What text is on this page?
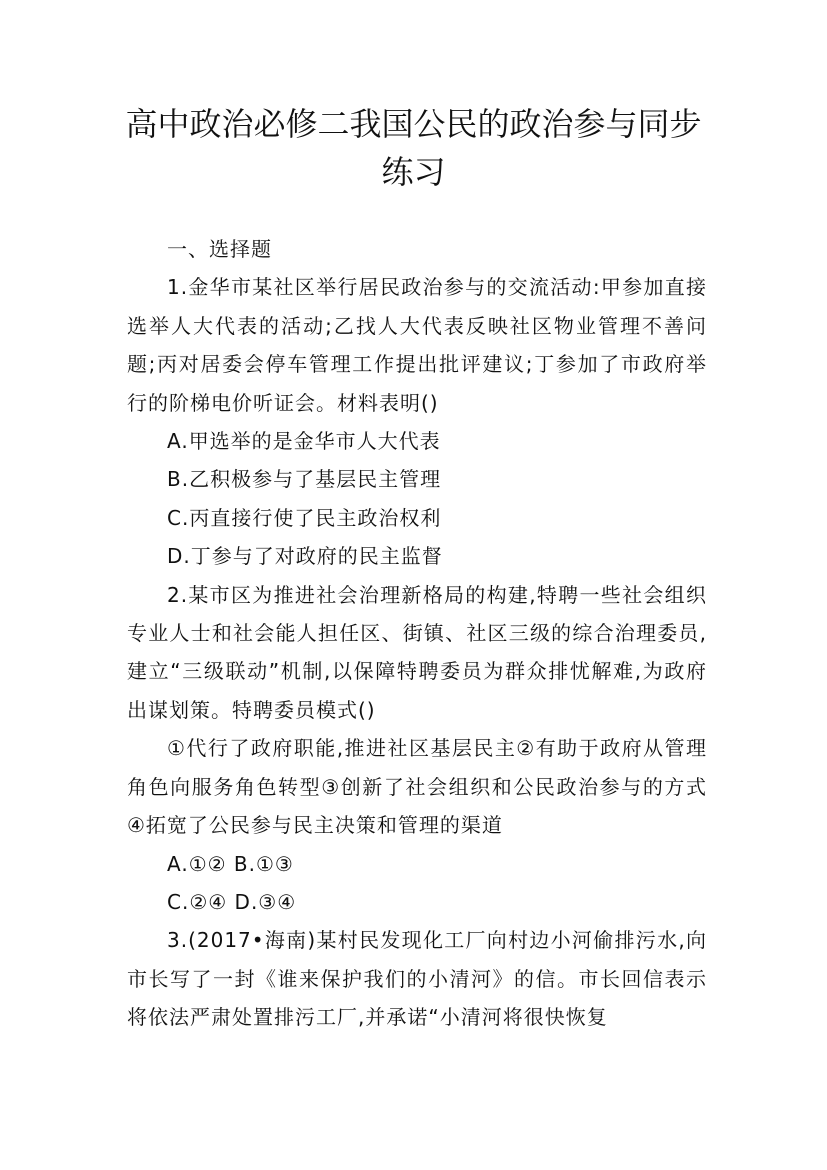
高中政治必修二我国公民的政治参与同步
练习

一、选择题

1.金华市某社区举行居民政治参与的交流活动:甲参加直接选举人大代表的活动;乙找人大代表反映社区物业管理不善问题;丙对居委会停车管理工作提出批评建议;丁参加了市政府举行的阶梯电价听证会。材料表明()

A.甲选举的是金华市人大代表

B.乙积极参与了基层民主管理

C.丙直接行使了民主政治权利

D.丁参与了对政府的民主监督

2.某市区为推进社会治理新格局的构建,特聘一些社会组织专业人士和社会能人担任区、街镇、社区三级的综合治理委员,建立“三级联动”机制,以保障特聘委员为群众排忧解难,为政府出谋划策。特聘委员模式()

①代行了政府职能,推进社区基层民主②有助于政府从管理角色向服务角色转型③创新了社会组织和公民政治参与的方式④拓宽了公民参与民主决策和管理的渠道

A.①② B.①③

C.②④ D.③④

3.(2017•海南)某村民发现化工厂向村边小河偷排污水,向市长写了一封《谁来保护我们的小清河》的信。市长回信表示将依法严肃处置排污工厂,并承诺“小清河将很快恢复
